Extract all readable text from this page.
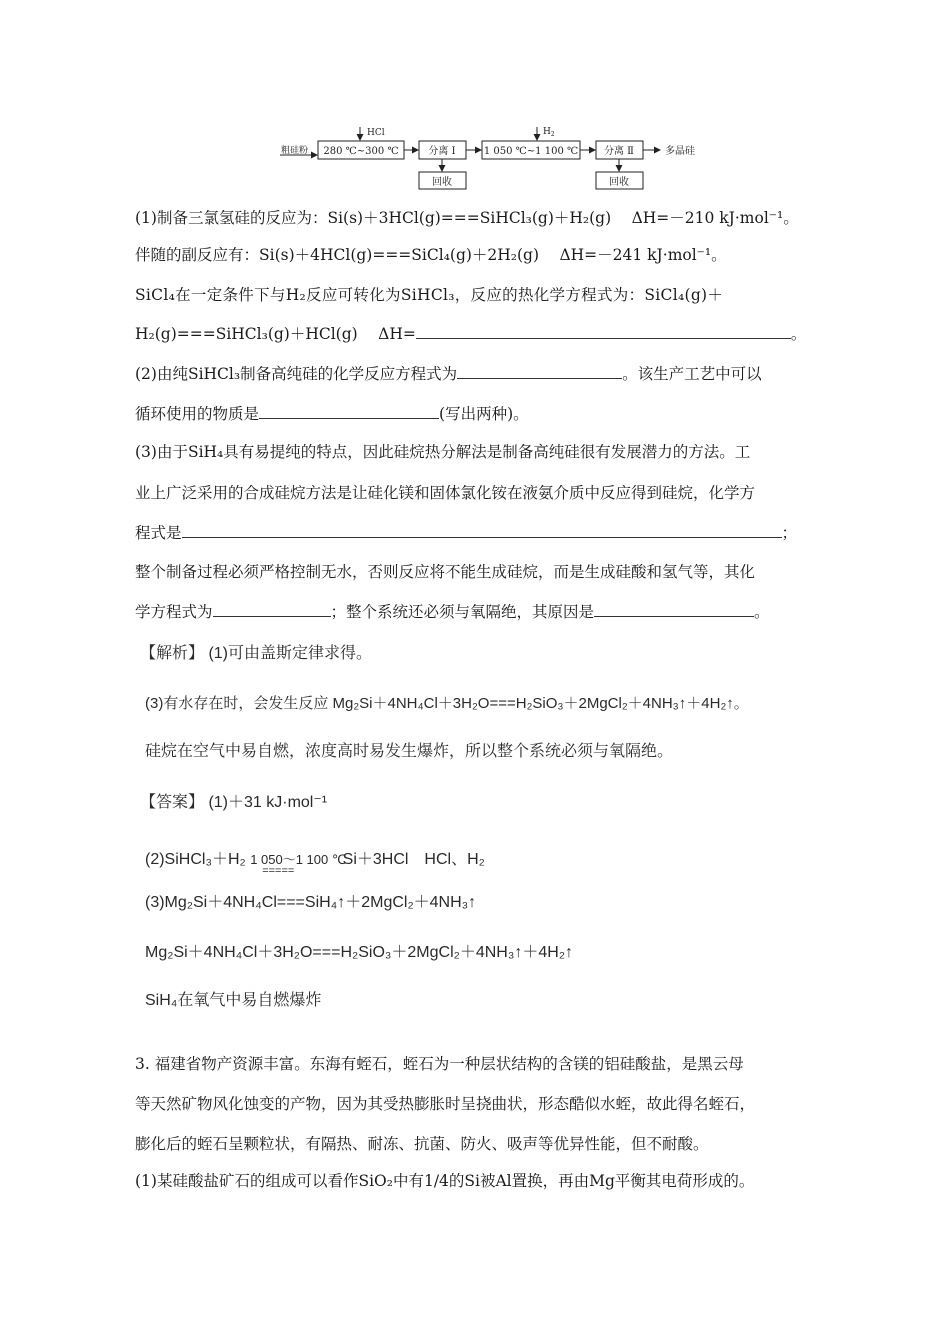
粗硅粉
HCl
280 ℃~300 ℃	分离 Ⅰ
回收
$H_2$
1 050 ℃~1 100 ℃	分离 Ⅱ
回收
多晶硅
(1)制备三氯氢硅的反应为：Si(s)＋3HCl(g)===SiHCl₃(g)＋H₂(g)　 ΔH=－210 kJ·mol⁻¹。
伴随的副反应有：Si(s)＋4HCl(g)===SiCl₄(g)＋2H₂(g)　 ΔH=－241 kJ·mol⁻¹。
SiCl₄在一定条件下与H₂反应可转化为SiHCl₃，反应的热化学方程式为：SiCl₄(g)＋
H₂(g)===SiHCl₃(g)＋HCl(g)　 ΔH=	。
(2)由纯SiHCl₃制备高纯硅的化学反应方程式为	。该生产工艺中可以
循环使用的物质是	(写出两种)。
(3)由于SiH₄具有易提纯的特点，因此硅烷热分解法是制备高纯硅很有发展潜力的方法。工
业上广泛采用的合成硅烷方法是让硅化镁和固体氯化铵在液氨介质中反应得到硅烷，化学方
程式是	；
整个制备过程必须严格控制无水，否则反应将不能生成硅烷，而是生成硅酸和氢气等，其化
学方程式为	；整个系统还必须与氧隔绝，其原因是	。
【解析】 (1)可由盖斯定律求得。
(3)有水存在时，会发生反应 Mg₂Si＋4NH₄Cl＋3H₂O===H₂SiO₃＋2MgCl₂＋4NH₃↑＋4H₂↑。
硅烷在空气中易自燃，浓度高时易发生爆炸，所以整个系统必须与氧隔绝。
【答案】 (1)＋31 kJ·mol⁻¹
(2)SiHCl₃＋H₂ 1 050～1 100 ℃
=====
Si＋3HCl　HCl、H₂
(3)Mg₂Si＋4NH₄Cl===SiH₄↑＋2MgCl₂＋4NH₃↑
Mg₂Si＋4NH₄Cl＋3H₂O===H₂SiO₃＋2MgCl₂＋4NH₃↑＋4H₂↑
SiH₄在氧气中易自燃爆炸
3. 福建省物产资源丰富。东海有蛭石，蛭石为一种层状结构的含镁的铝硅酸盐，是黑云母
等天然矿物风化蚀变的产物，因为其受热膨胀时呈挠曲状，形态酷似水蛭，故此得名蛭石，
膨化后的蛭石呈颗粒状，有隔热、耐冻、抗菌、防火、吸声等优异性能，但不耐酸。
(1)某硅酸盐矿石的组成可以看作SiO₂中有1/4的Si被Al置换，再由Mg平衡其电荷形成的。
